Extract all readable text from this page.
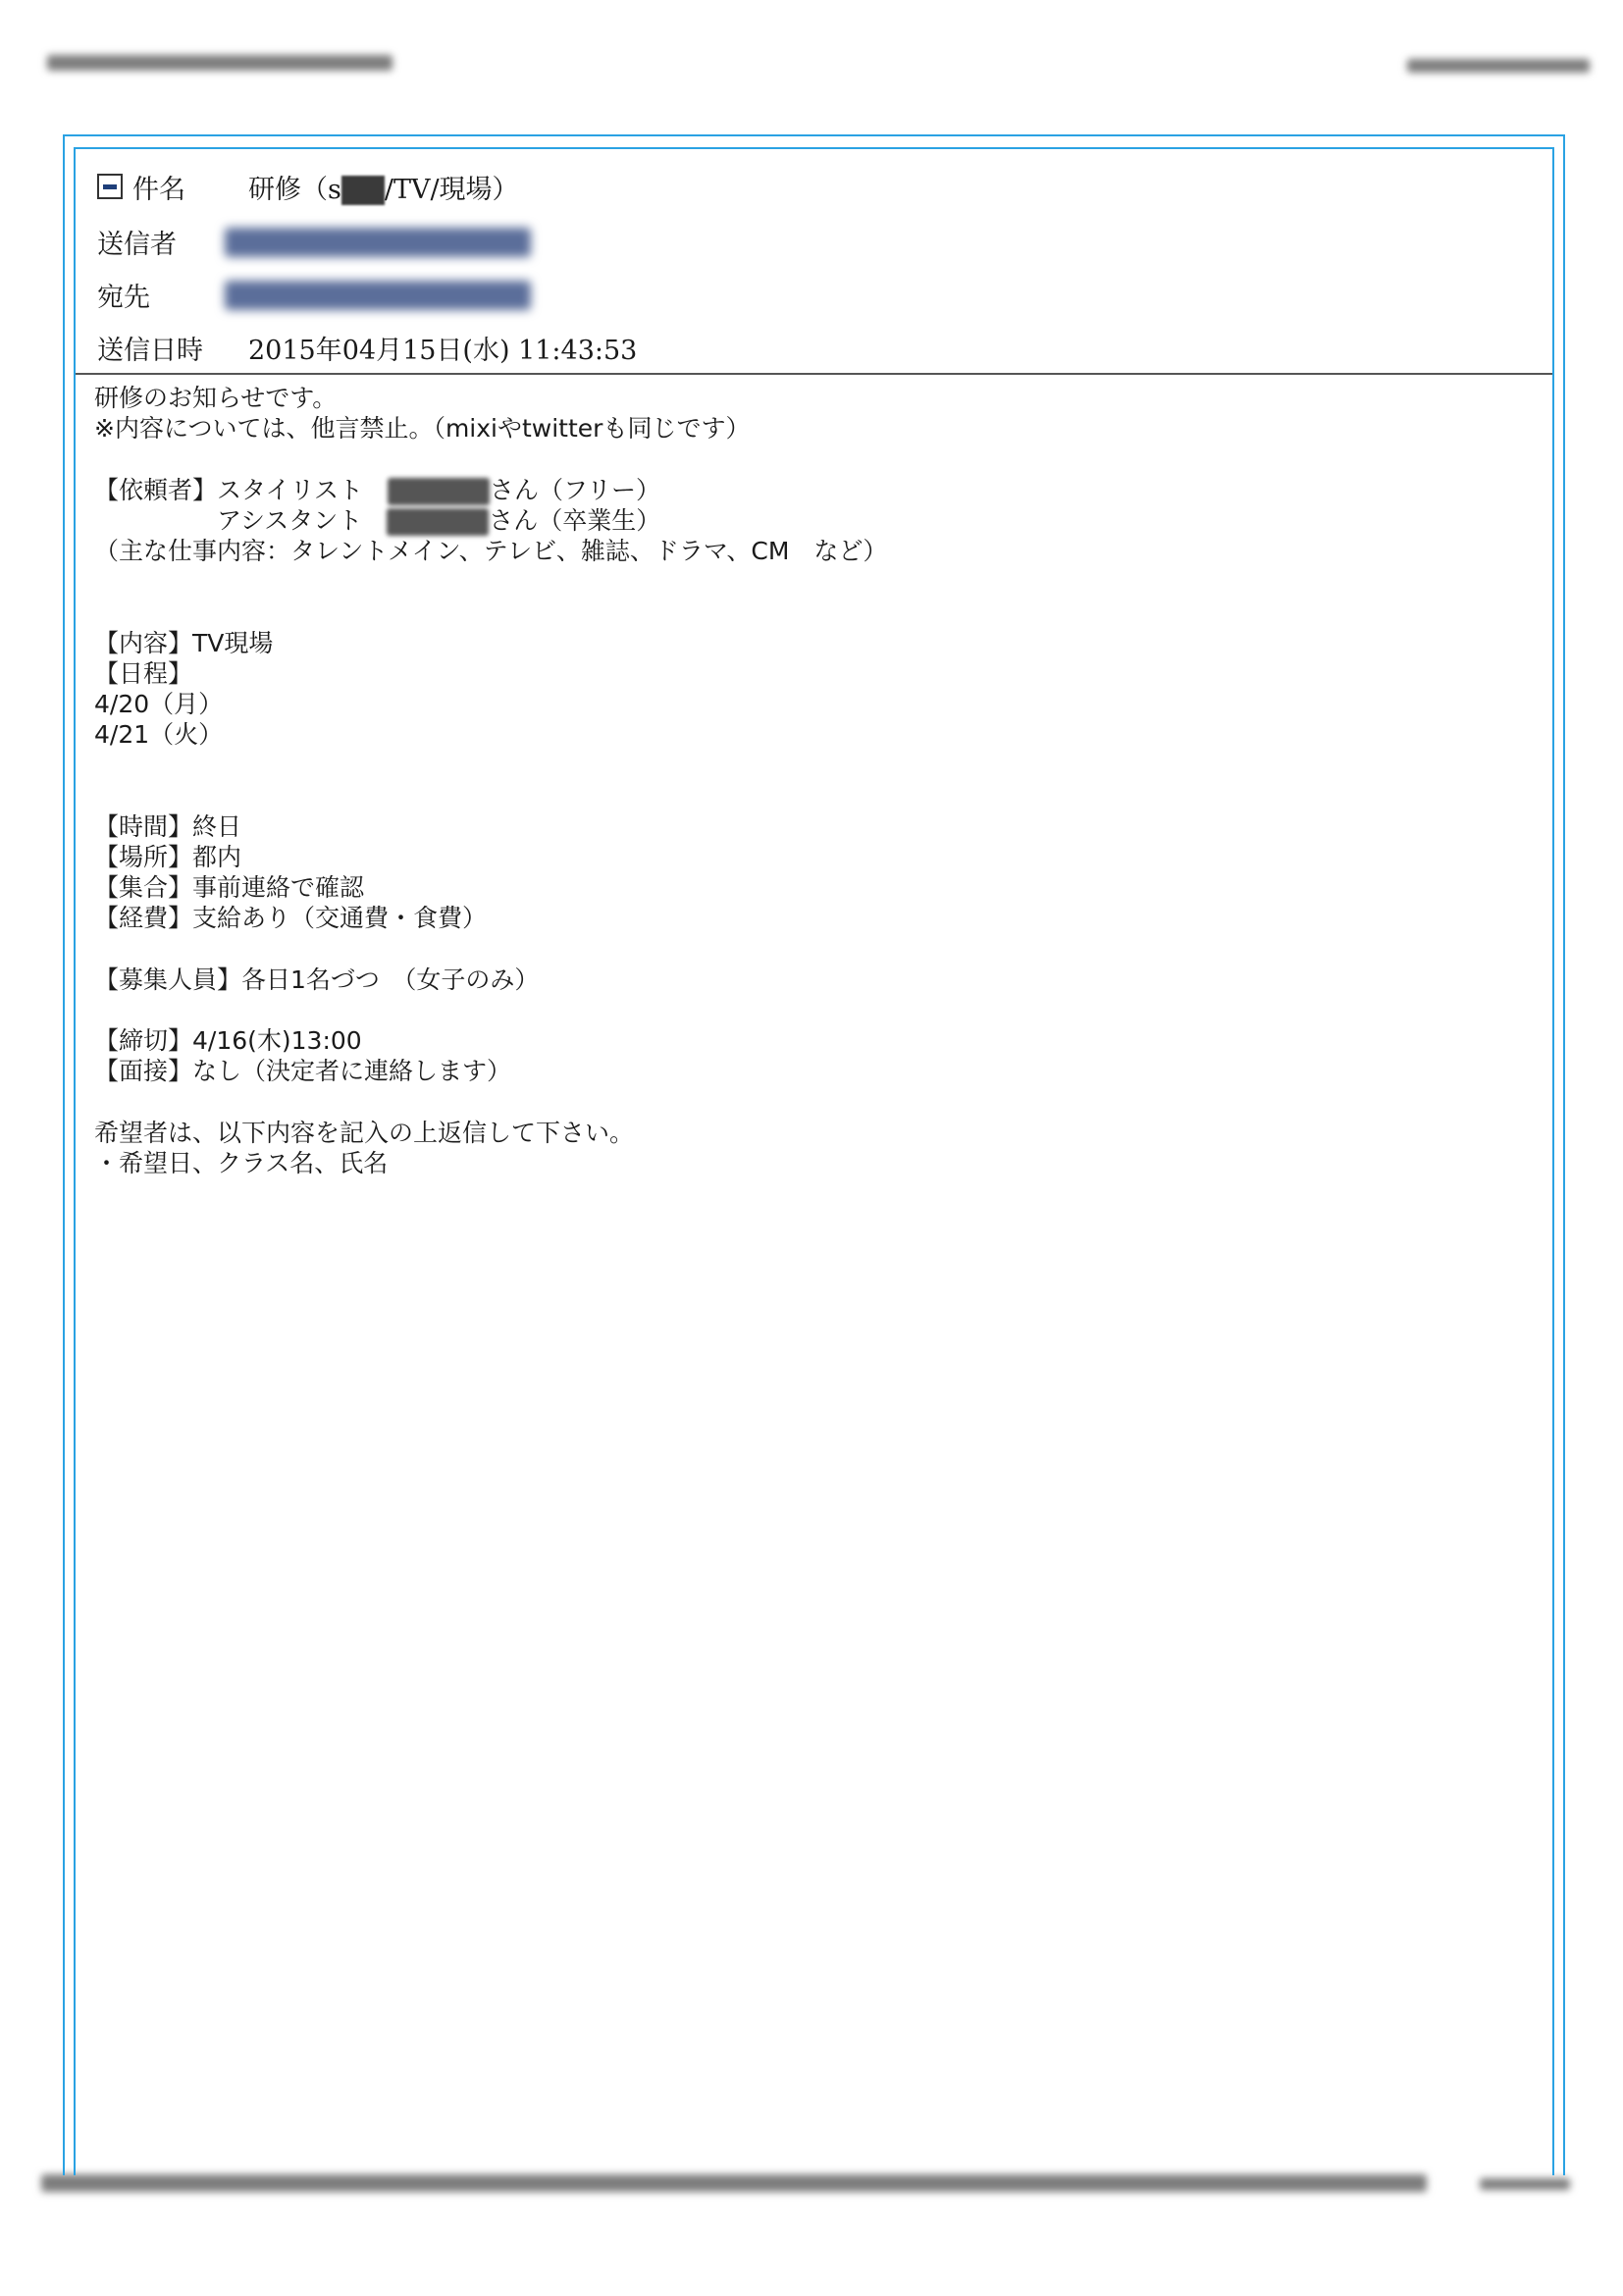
件名 研修（s /TV/現場）
送信者
宛先
送信日時 2015年04月15日(水) 11:43:53
研修のお知らせです。
※内容については、他言禁止。（mixiやtwitterも同じです）
【依頼者】スタイリスト　	さん（フリー）
　　　　　アシスタント　	さん（卒業生）
（主な仕事内容：タレントメイン、テレビ、雑誌、ドラマ、CM　など）
【内容】TV現場
【日程】
4/20（月）
4/21（火）
【時間】終日
【場所】都内
【集合】事前連絡で確認
【経費】支給あり（交通費・食費）
【募集人員】各日1名づつ　（女子のみ）
【締切】4/16(木)13:00
【面接】なし（決定者に連絡します）
希望者は、以下内容を記入の上返信して下さい。
・希望日、クラス名、氏名
